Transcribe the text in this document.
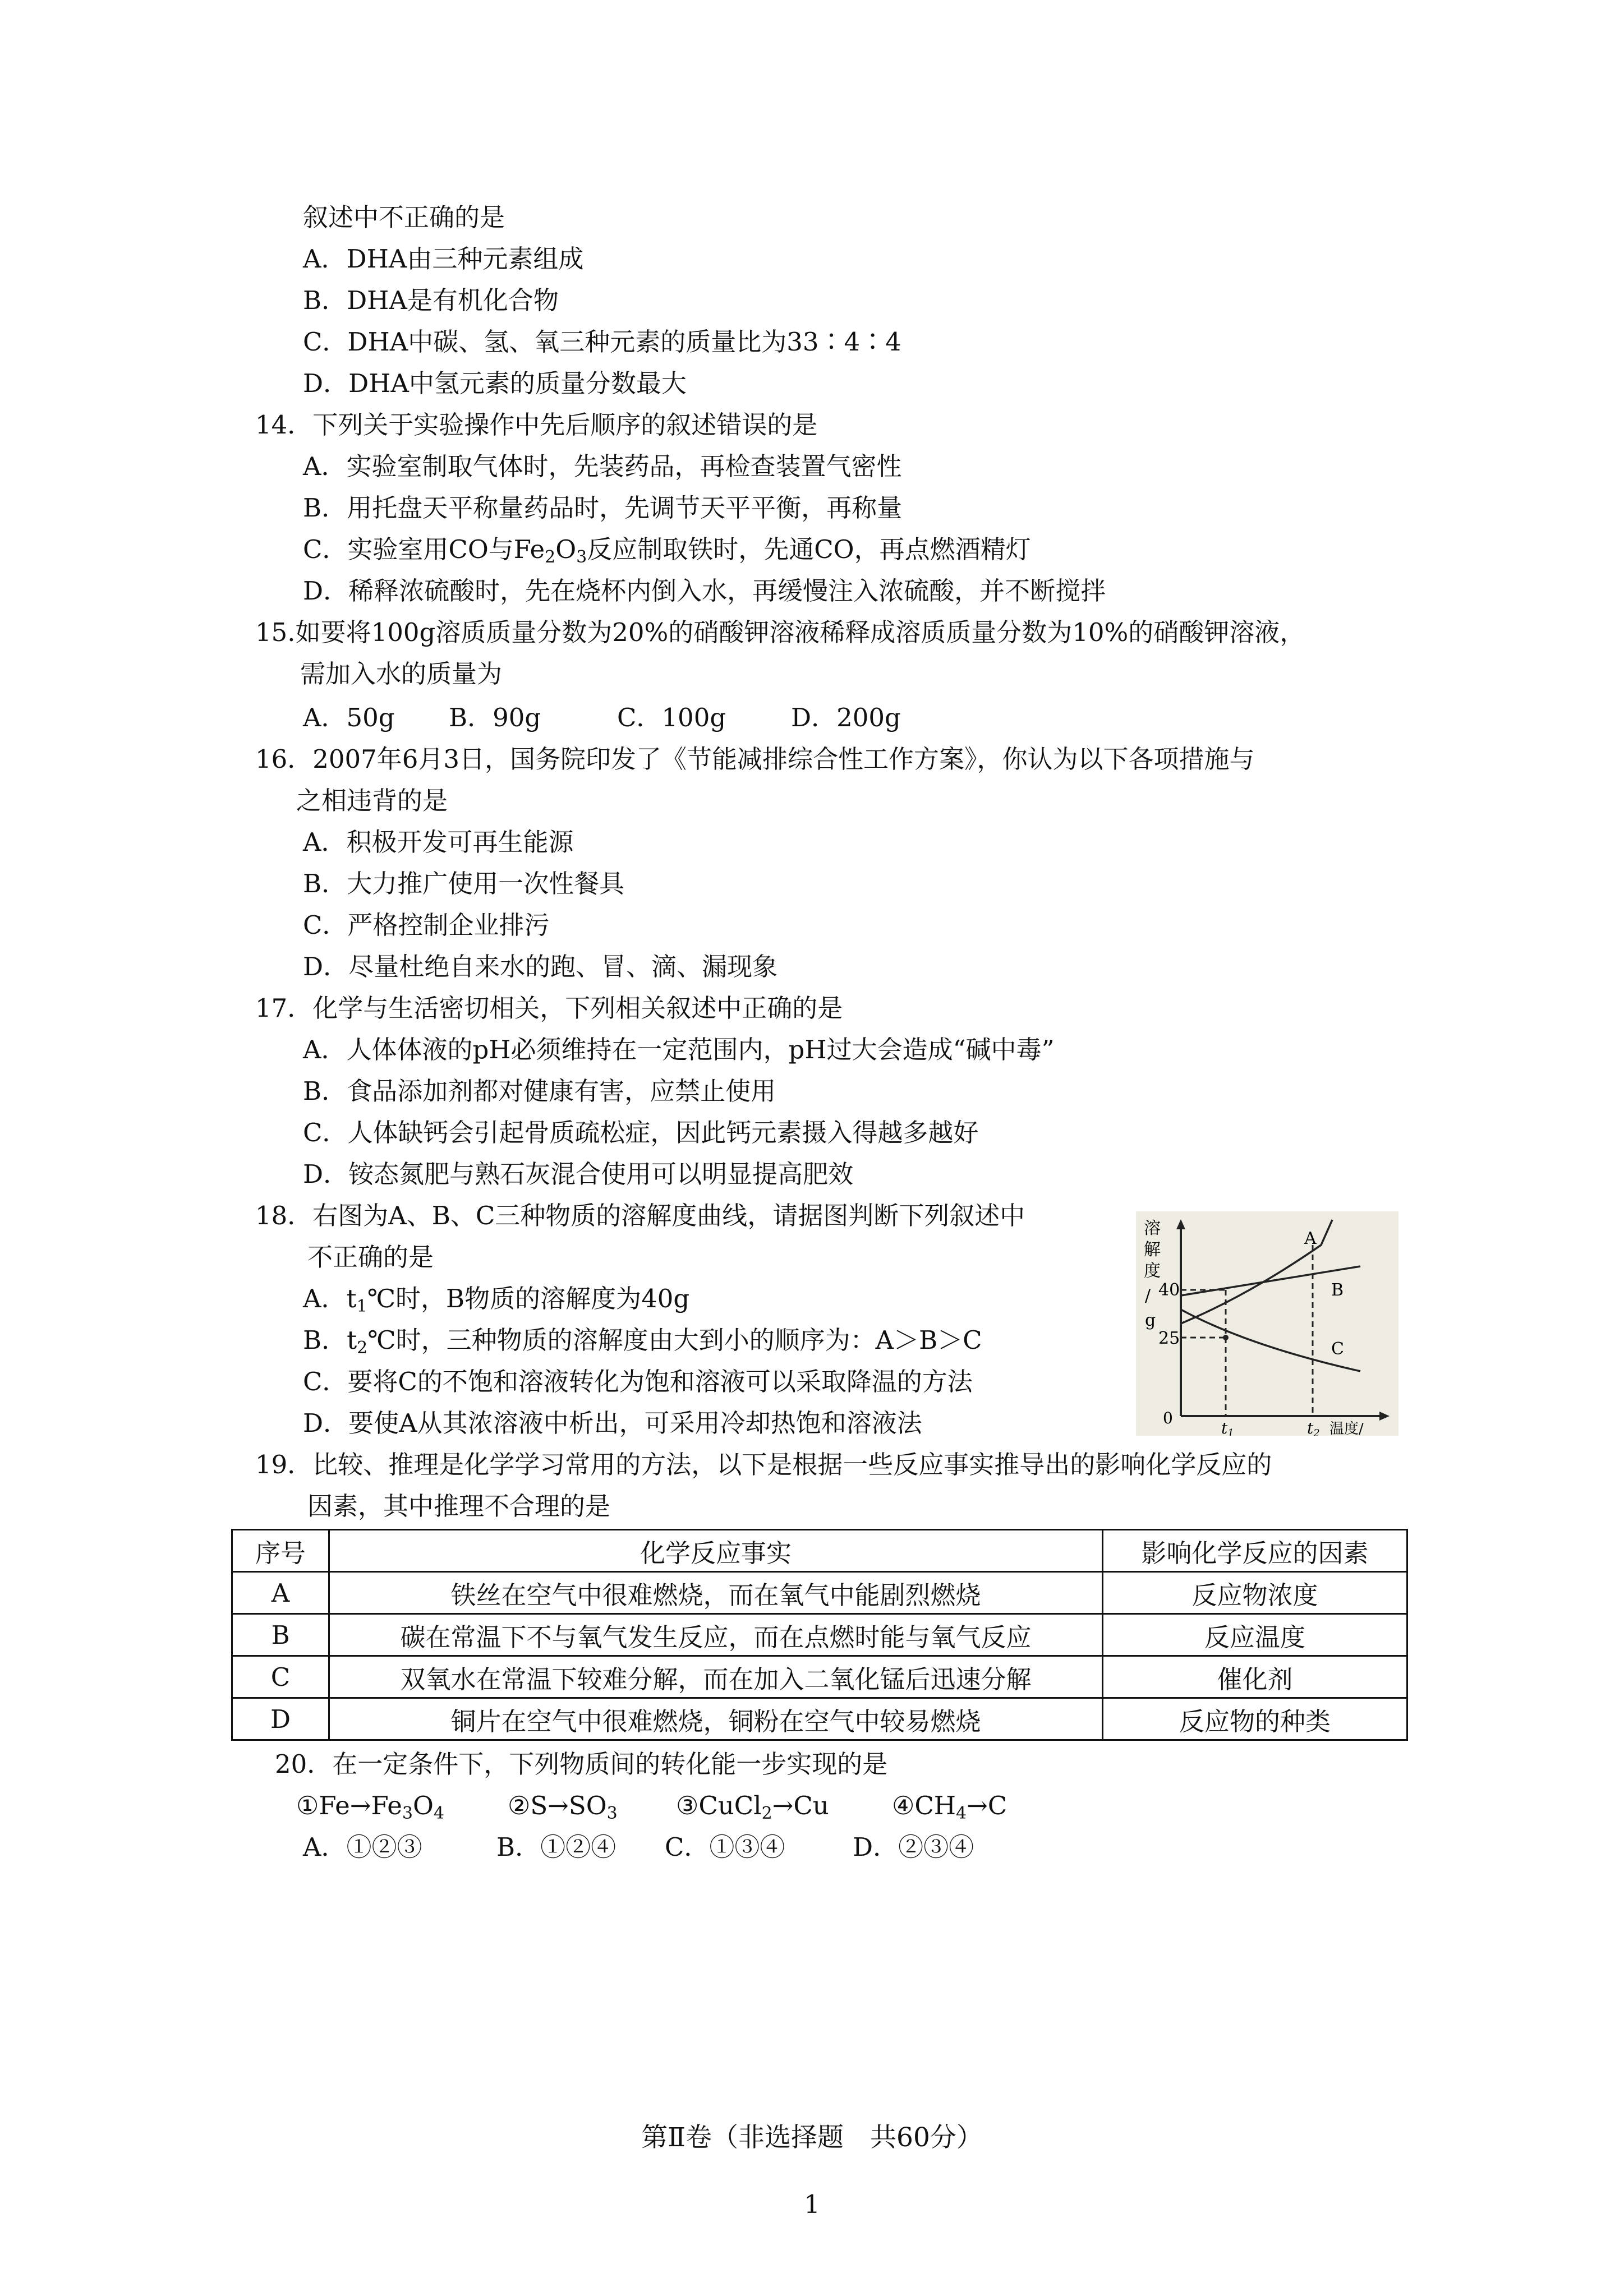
叙述中不正确的是
A．DHA由三种元素组成
B．DHA是有机化合物
C．DHA中碳、氢、氧三种元素的质量比为33∶4∶4
D．DHA中氢元素的质量分数最大
14．下列关于实验操作中先后顺序的叙述错误的是
A．实验室制取气体时，先装药品，再检查装置气密性
B．用托盘天平称量药品时，先调节天平平衡，再称量
C．实验室用CO与$Fe_2O_3$反应制取铁时，先通CO，再点燃酒精灯
D．稀释浓硫酸时，先在烧杯内倒入水，再缓慢注入浓硫酸，并不断搅拌
15.如要将100g溶质质量分数为20%的硝酸钾溶液稀释成溶质质量分数为10%的硝酸钾溶液，
需加入水的质量为
A．50g B．90g	C．100g	D．200g
16．2007年6月3日，国务院印发了《节能减排综合性工作方案》，你认为以下各项措施与
之相违背的是
A．积极开发可再生能源
B．大力推广使用一次性餐具
C．严格控制企业排污
D．尽量杜绝自来水的跑、冒、滴、漏现象
17．化学与生活密切相关，下列相关叙述中正确的是
A．人体体液的pH必须维持在一定范围内，pH过大会造成“碱中毒”
B．食品添加剂都对健康有害，应禁止使用
C．人体缺钙会引起骨质疏松症，因此钙元素摄入得越多越好
D．铵态氮肥与熟石灰混合使用可以明显提高肥效
18．右图为A、B、C三种物质的溶解度曲线，请据图判断下列叙述中
不正确的是
A．$t_1℃$时，B物质的溶解度为40g
B．$t_2℃$时，三种物质的溶解度由大到小的顺序为：A＞B＞C
C．要将C的不饱和溶液转化为饱和溶液可以采取降温的方法
D．要使A从其浓溶液中析出，可采用冷却热饱和溶液法
溶
解
度
/
g
40
25
0
t1	t2 温度/
A
B
C
19．比较、推理是化学学习常用的方法，以下是根据一些反应事实推导出的影响化学反应的
因素，其中推理不合理的是
序号	化学反应事实	影响化学反应的因素
A	铁丝在空气中很难燃烧，而在氧气中能剧烈燃烧	反应物浓度
B	碳在常温下不与氧气发生反应，而在点燃时能与氧气反应	反应温度
C	双氧水在常温下较难分解，而在加入二氧化锰后迅速分解	催化剂
D	铜片在空气中很难燃烧，铜粉在空气中较易燃烧	反应物的种类
20．在一定条件下，下列物质间的转化能一步实现的是
$①Fe\to Fe_3O_4$	$②S\to SO_3$ ③CuCl$_2$→Cu $④CH_4\to C$
A．①②③	B．①②④ C．①③④	D．②③④
第Ⅱ卷（非选择题　共60分）
1
